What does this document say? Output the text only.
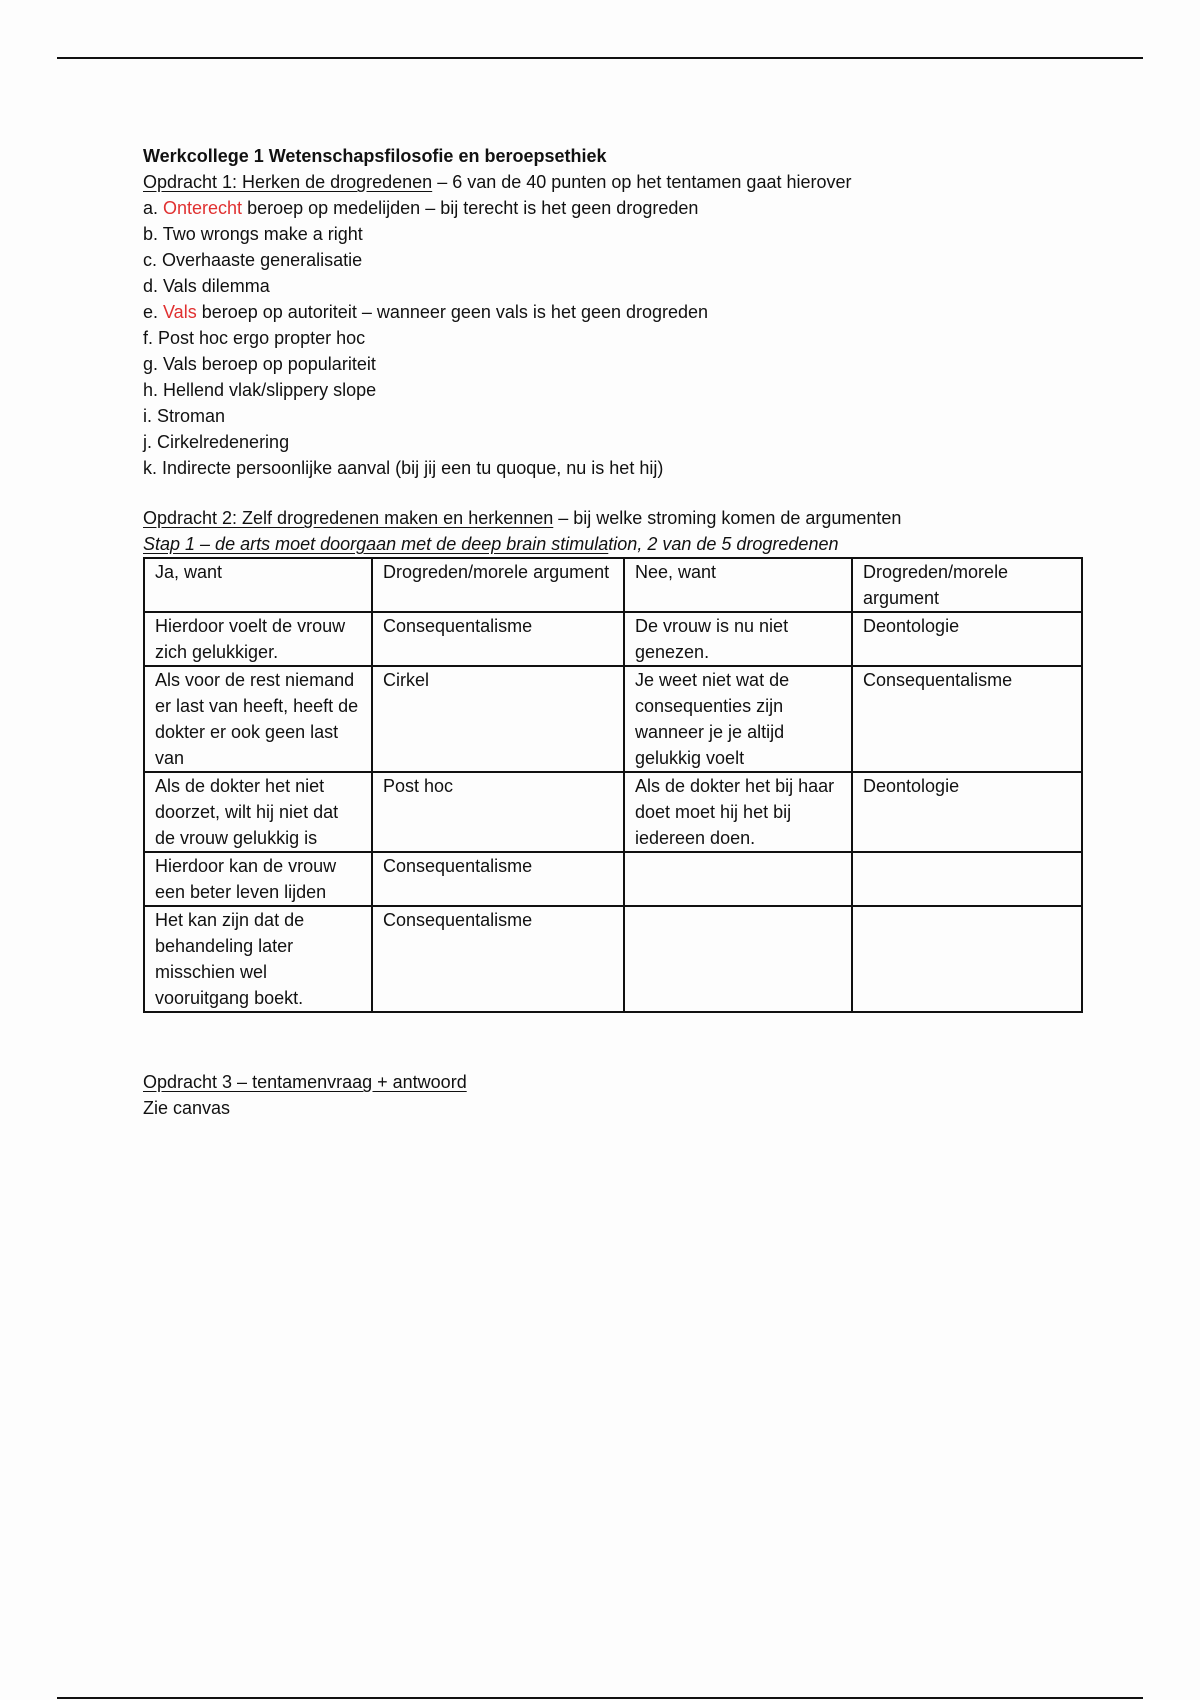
Werkcollege 1 Wetenschapsfilosofie en beroepsethiek
Opdracht 1: Herken de drogredenen – 6 van de 40 punten op het tentamen gaat hierover
a. Onterecht beroep op medelijden – bij terecht is het geen drogreden
b. Two wrongs make a right
c. Overhaaste generalisatie
d. Vals dilemma
e. Vals beroep op autoriteit – wanneer geen vals is het geen drogreden
f. Post hoc ergo propter hoc
g. Vals beroep op populariteit
h. Hellend vlak/slippery slope
i. Stroman
j. Cirkelredenering
k. Indirecte persoonlijke aanval (bij jij een tu quoque, nu is het hij)
Opdracht 2: Zelf drogredenen maken en herkennen – bij welke stroming komen de argumenten
Stap 1 – de arts moet doorgaan met de deep brain stimulation, 2 van de 5 drogredenen
Ja, want	Drogreden/morele argument	Nee, want	Drogreden/morele argument
Hierdoor voelt de vrouw zich gelukkiger.	Consequentalisme	De vrouw is nu niet genezen.	Deontologie
Als voor de rest niemand er last van heeft, heeft de dokter er ook geen last van	Cirkel	Je weet niet wat de consequenties zijn wanneer je je altijd gelukkig voelt	Consequentalisme
Als de dokter het niet doorzet, wilt hij niet dat de vrouw gelukkig is	Post hoc	Als de dokter het bij haar doet moet hij het bij iedereen doen.	Deontologie
Hierdoor kan de vrouw een beter leven lijden	Consequentalisme		
Het kan zijn dat de behandeling later misschien wel vooruitgang boekt.	Consequentalisme		
Opdracht 3 – tentamenvraag + antwoord
Zie canvas
